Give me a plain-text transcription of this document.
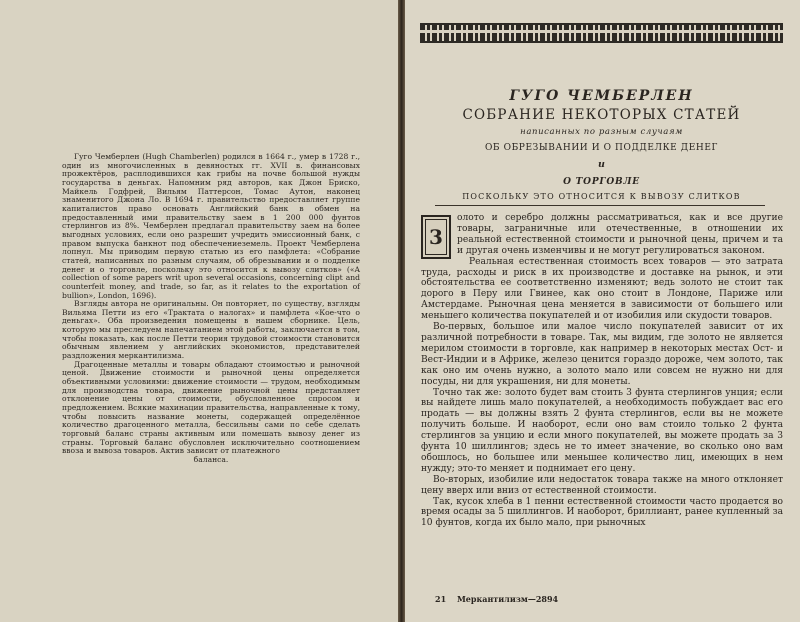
Гуго Чемберлен (Hugh Chamberlen) родился в 1664 г., умер в 1728 г., один из многочисленных в девяностых гг. XVII в. финансовых прожектёров, расплодившихся как грибы на почве большой нужды государства в деньгах. Напомним ряд авторов, как Джон Бриско, Майкель Годфрей, Вильям Паттерсон, Томас Аутон, наконец знаменитого Джона Ло. В 1694 г. правительство предоставляет группе капиталистов право основать Английский банк в обмен на предоставленный ими правительству заем в 1 200 000 фунтов стерлингов из 8%. Чемберлен предлагал правительству заем на более выгодных условиях, если оно разрешит учредить эмиссионный банк, с правом выпуска банкнот под обеспечениеземель. Проект Чемберлена лопнул. Мы приводим первую статью из его памфлета: «Собрание статей, написанных по разным случаям, об обрезывании и о подделке денег и о торговле, поскольку это относится к вывозу слитков» («A collection of some papers writ upon several occasions, concerning clipt and counterfeit money, and trade, so far, as it relates to the exportation of bullion», London, 1696).

Взгляды автора не оригинальны. Он повторяет, по существу, взгляды Вильяма Петти из его «Трактата о налогах» и памфлета «Кое-что о деньгах». Оба произведения помещены в нашем сборнике. Цель, которую мы преследуем напечатанием этой работы, заключается в том, чтобы показать, как после Петти теория трудовой стоимости становится обычным явлением у английских экономистов, представителей раздложения меркантилизма.

Драгоценные металлы и товары обладают стоимостью и рыночной ценой. Движение стоимости и рыночной цены определяется объективными условиями: движение стоимости — трудом, необходимым для производства товара, движение рыночной цены представляет отклонение цены от стоимости, обусловленное спросом и предложением. Всякие махинации правительства, направленные к тому, чтобы повысить название монеты, содержащей определённое количество драгоценного металла, бессильны сами по себе сделать торговый баланс страны активным или помешать вывозу денег из страны. Торговый баланс обусловлен исключительно соотношением ввоза и вывоза товаров. Актив зависит от платежного

баланса.

ГУГО ЧЕМБЕРЛЕН
СОБРАНИЕ НЕКОТОРЫХ СТАТЕЙ
написанных по разным случаям
ОБ ОБРЕЗЫВАНИИ И О ПОДДЕЛКЕ ДЕНЕГ
и
О ТОРГОВЛЕ
ПОСКОЛЬКУ ЭТО ОТНОСИТСЯ К ВЫВОЗУ СЛИТКОВ

3
олото и серебро должны рассматриваться, как и все другие товары, заграничные или отечественные, в отношении их реальной естественной стоимости и рыночной цены, причем и та и другая очень изменчивы и не могут регулироваться законом.

Реальная естественная стоимость всех товаров — это затрата труда, расходы и риск в их производстве и доставке на рынок, и эти обстоятельства ее соответственно изменяют; ведь золото не стоит так дорого в Перу или Гвинее, как оно стоит в Лондоне, Париже или Амстердаме. Рыночная цена меняется в зависимости от большего или меньшего количества покупателей и от изобилия или скудости товаров.

Во-первых, большое или малое число покупателей зависит от их различной потребности в товаре. Так, мы видим, где золото не является мерилом стоимости в торговле, как например в некоторых местах Ост- и Вест-Индии и в Африке, железо ценится гораздо дороже, чем золото, так как оно им очень нужно, а золото мало или совсем не нужно ни для посуды, ни для украшения, ни для монеты.

Точно так же: золото будет вам стоить 3 фунта стерлингов унция; если вы найдете лишь мало покупателей, а необходимость побуждает вас его продать — вы должны взять 2 фунта стерлингов, если вы не можете получить больше. И наоборот, если оно вам стоило только 2 фунта стерлингов за унцию и если много покупателей, вы можете продать за 3 фунта 10 шиллингов; здесь не то имеет значение, во сколько оно вам обошлось, но большее или меньшее количество лиц, имеющих в нем нужду; это-то меняет и поднимает его цену.

Во-вторых, изобилие или недостаток товара также на много отклоняет цену вверх или вниз от естественной стоимости.

Так, кусок хлеба в 1 пенни естественной стоимости часто продается во время осады за 5 шиллингов. И наоборот, бриллиант, ранее купленный за 10 фунтов, когда их было мало, при рыночных

21 Меркантилизм—2894
